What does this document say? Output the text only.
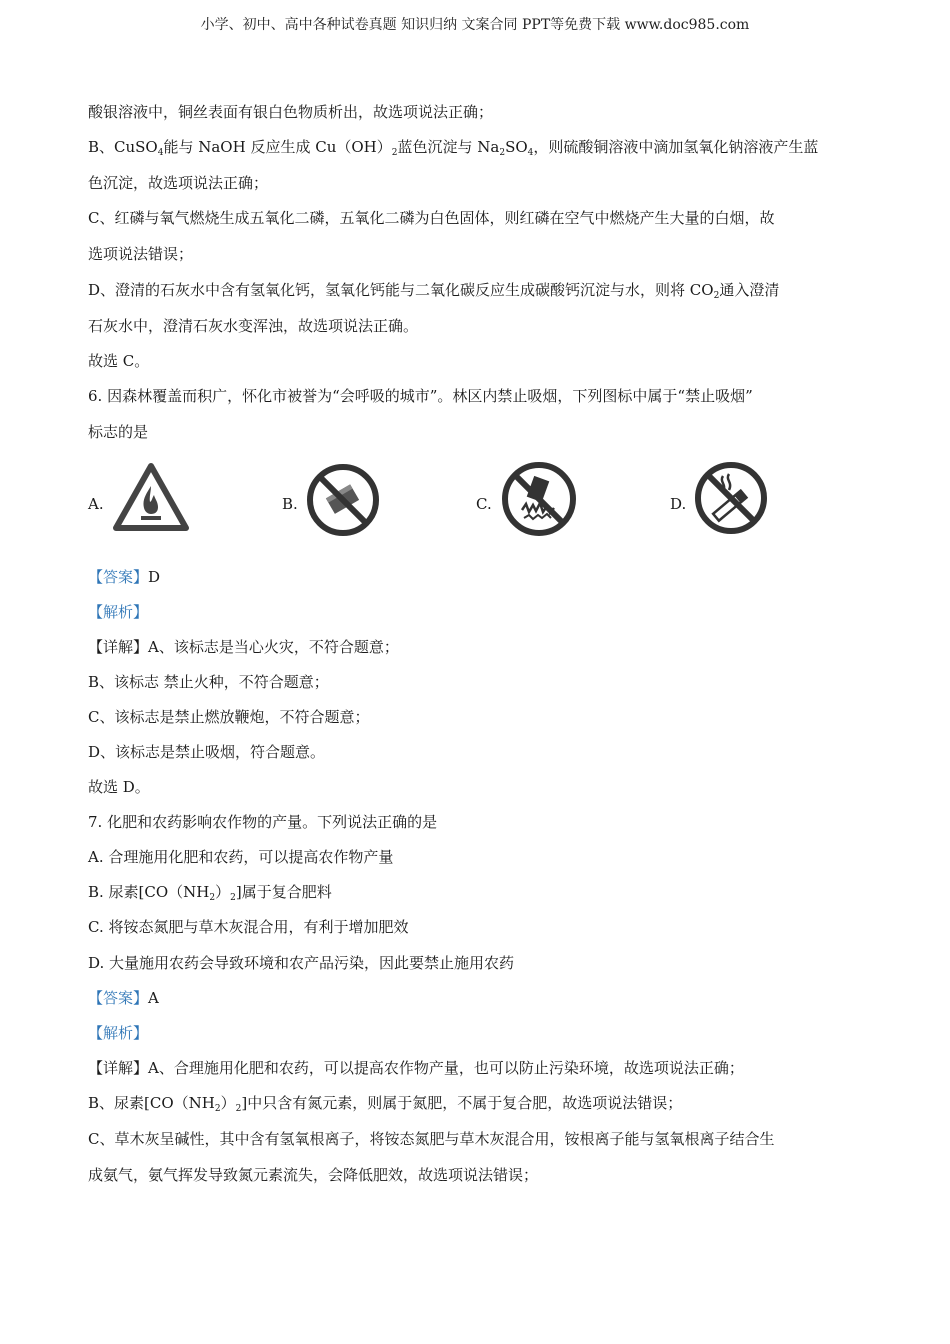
小学、初中、高中各种试卷真题 知识归纳 文案合同 PPT等免费下载 www.doc985.com
酸银溶液中，铜丝表面有银白色物质析出，故选项说法正确；
B、CuSO$_4$能与 NaOH 反应生成 $Cu(OH)_2$蓝色沉淀与 $Na_2SO_4$，则硫酸铜溶液中滴加氢氧化钠溶液产生蓝
色沉淀，故选项说法正确；
C、红磷与氧气燃烧生成五氧化二磷，五氧化二磷为白色固体，则红磷在空气中燃烧产生大量的白烟，故
选项说法错误；
D、澄清的石灰水中含有氢氧化钙，氢氧化钙能与二氧化碳反应生成碳酸钙沉淀与水，则将 $CO_2$通入澄清
石灰水中，澄清石灰水变浑浊，故选项说法正确。
故选 C。
6. 因森林覆盖而积广，怀化市被誉为“会呼吸的城市”。林区内禁止吸烟，下列图标中属于“禁止吸烟”
标志的是
A.	B.	C.	D.
【答案】D
【解析】
【详解】A、该标志是当心火灾，不符合题意；
B、该标志 禁止火种，不符合题意；
C、该标志是禁止燃放鞭炮，不符合题意；
D、该标志是禁止吸烟，符合题意。
故选 D。
7. 化肥和农药影响农作物的产量。下列说法正确的是
A. 合理施用化肥和农药，可以提高农作物产量
B. 尿素$[CO(NH_2)_2]$属于复合肥料
C. 将铵态氮肥与草木灰混合用，有利于增加肥效
D. 大量施用农药会导致环境和农产品污染，因此要禁止施用农药
【答案】A
【解析】
【详解】A、合理施用化肥和农药，可以提高农作物产量，也可以防止污染环境，故选项说法正确；
B、尿素$[CO(NH_2)_2]$中只含有氮元素，则属于氮肥，不属于复合肥，故选项说法错误；
C、草木灰呈碱性，其中含有氢氧根离子，将铵态氮肥与草木灰混合用，铵根离子能与氢氧根离子结合生
成氨气，氨气挥发导致氮元素流失，会降低肥效，故选项说法错误；
